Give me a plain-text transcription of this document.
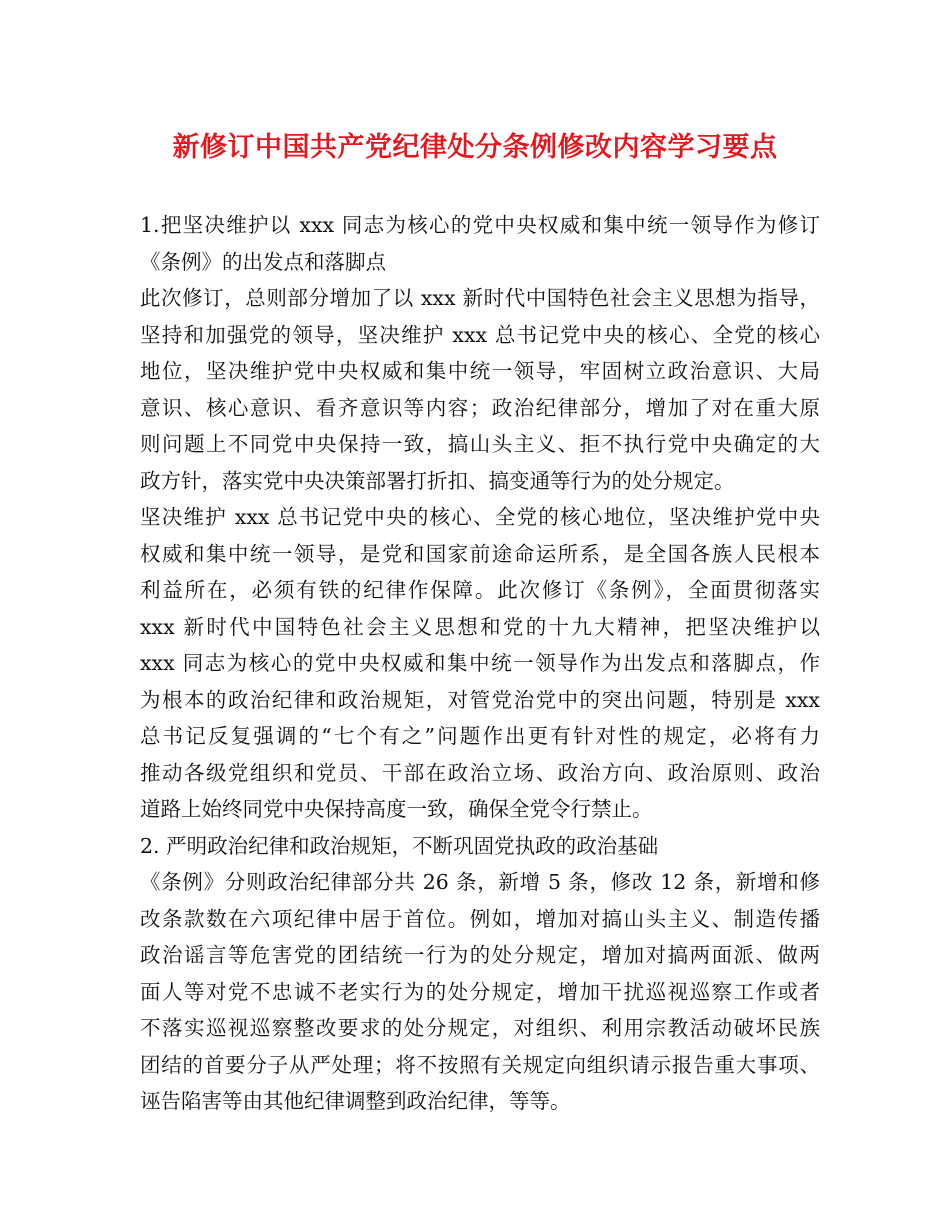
新修订中国共产党纪律处分条例修改内容学习要点
1.把坚决维护以 xxx 同志为核心的党中央权威和集中统一领导作为修订
《条例》的出发点和落脚点
此次修订，总则部分增加了以 xxx 新时代中国特色社会主义思想为指导，
坚持和加强党的领导，坚决维护 xxx 总书记党中央的核心、全党的核心
地位，坚决维护党中央权威和集中统一领导，牢固树立政治意识、大局
意识、核心意识、看齐意识等内容；政治纪律部分，增加了对在重大原
则问题上不同党中央保持一致，搞山头主义、拒不执行党中央确定的大
政方针，落实党中央决策部署打折扣、搞变通等行为的处分规定。
坚决维护 xxx 总书记党中央的核心、全党的核心地位，坚决维护党中央
权威和集中统一领导，是党和国家前途命运所系，是全国各族人民根本
利益所在，必须有铁的纪律作保障。此次修订《条例》，全面贯彻落实
xxx 新时代中国特色社会主义思想和党的十九大精神，把坚决维护以
xxx 同志为核心的党中央权威和集中统一领导作为出发点和落脚点，作
为根本的政治纪律和政治规矩，对管党治党中的突出问题，特别是 xxx
总书记反复强调的“七个有之”问题作出更有针对性的规定，必将有力
推动各级党组织和党员、干部在政治立场、政治方向、政治原则、政治
道路上始终同党中央保持高度一致，确保全党令行禁止。
2. 严明政治纪律和政治规矩，不断巩固党执政的政治基础
《条例》分则政治纪律部分共 26 条，新增 5 条，修改 12 条，新增和修
改条款数在六项纪律中居于首位。例如，增加对搞山头主义、制造传播
政治谣言等危害党的团结统一行为的处分规定，增加对搞两面派、做两
面人等对党不忠诚不老实行为的处分规定，增加干扰巡视巡察工作或者
不落实巡视巡察整改要求的处分规定，对组织、利用宗教活动破坏民族
团结的首要分子从严处理；将不按照有关规定向组织请示报告重大事项、
诬告陷害等由其他纪律调整到政治纪律，等等。
